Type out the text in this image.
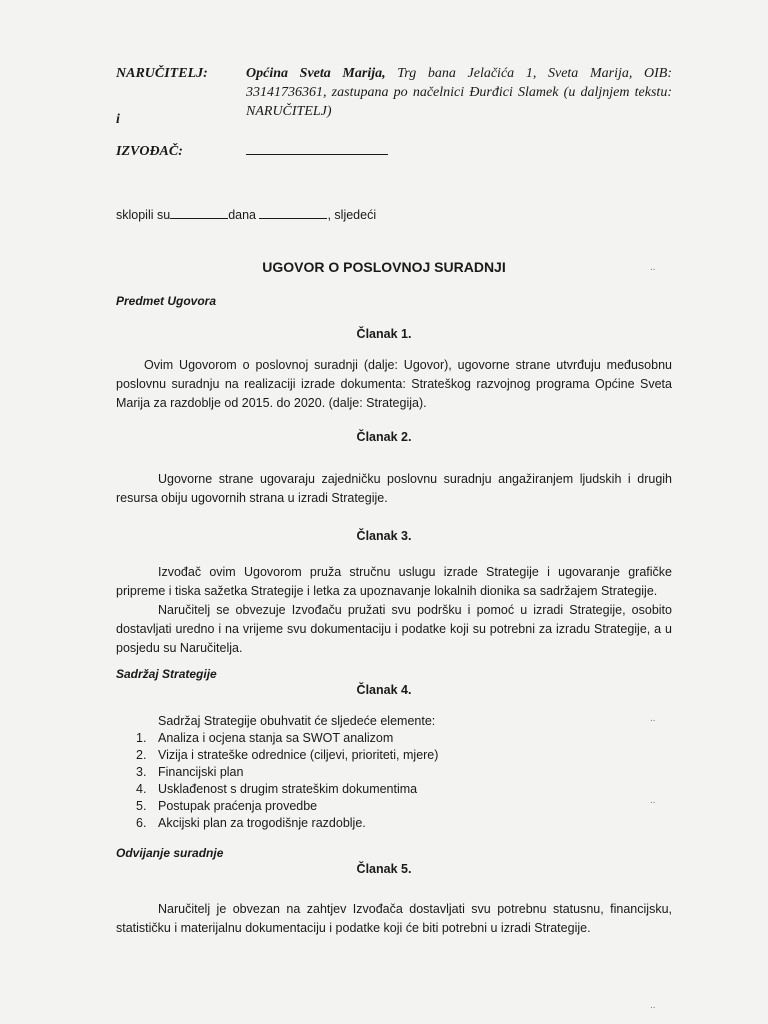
NARUČITELJ:	Općina Sveta Marija, Trg bana Jelačića 1, Sveta Marija, OIB: 33141736361, zastupana po načelnici Đurđici Slamek (u daljnjem tekstu: NARUČITELJ)
i
IZVOĐAČ:
sklopili su	dana	, sljedeći
UGOVOR O POSLOVNOJ SURADNJI	..
Predmet Ugovora
Članak 1.
Ovim Ugovorom o poslovnoj suradnji (dalje: Ugovor), ugovorne strane utvrđuju međusobnu poslovnu suradnju na realizaciji izrade dokumenta: Strateškog razvojnog programa Općine Sveta Marija za razdoblje od 2015. do 2020. (dalje: Strategija).
Članak 2.
Ugovorne strane ugovaraju zajedničku poslovnu suradnju angažiranjem ljudskih i drugih resursa obiju ugovornih strana u izradi Strategije.
Članak 3.
Izvođač ovim Ugovorom pruža stručnu uslugu izrade Strategije i ugovaranje grafičke pripreme i tiska sažetka Strategije i letka za upoznavanje lokalnih dionika sa sadržajem Strategije.
Naručitelj se obvezuje Izvođaču pružati svu podršku i pomoć u izradi Strategije, osobito dostavljati uredno i na vrijeme svu dokumentaciju i podatke koji su potrebni za izradu Strategije, a u posjedu su Naručitelja.
Sadržaj Strategije
Članak 4.
..
Sadržaj Strategije obuhvatit će sljedeće elemente:
1. Analiza i ocjena stanja sa SWOT analizom
2. Vizija i strateške odrednice (ciljevi, prioriteti, mjere)
3. Financijski plan
4. Usklađenost s drugim strateškim dokumentima
5. Postupak praćenja provedbe
6. Akcijski plan za trogodišnje razdoblje.
..
Odvijanje suradnje
Članak 5.
Naručitelj je obvezan na zahtjev Izvođača dostavljati svu potrebnu statusnu, financijsku, statističku i materijalnu dokumentaciju i podatke koji će biti potrebni u izradi Strategije.
..
